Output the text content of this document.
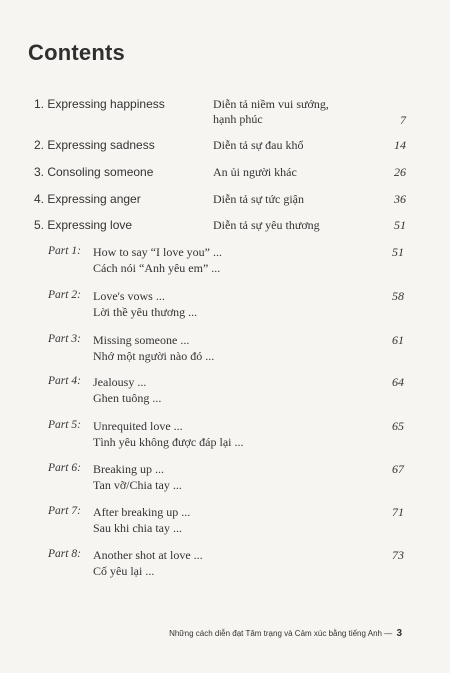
Contents
1. Expressing happiness	Diễn tả niềm vui sướng,
hạnh phúc	7
2. Expressing sadness	Diễn tả sự đau khổ	14
3. Consoling someone	An ủi người khác	26
4. Expressing anger	Diễn tả sự tức giận	36
5. Expressing love	Diễn tả sự yêu thương	51
Part 1: How to say “I love you” ...
Cách nói “Anh yêu em” ...
51
Part 2: Love's vows ...
Lời thề yêu thương ...
58
Part 3: Missing someone ...
Nhớ một người nào đó ...
61
Part 4: Jealousy ...
Ghen tuông ...
64
Part 5: Unrequited love ...
Tình yêu không được đáp lại ...
65
Part 6: Breaking up ...
Tan vỡ/Chia tay ...
67
Part 7: After breaking up ...
Sau khi chia tay ...
71
Part 8: Another shot at love ...
Cố yêu lại ...
73
Những cách diễn đạt Tâm trạng và Cảm xúc bằng tiếng Anh — 3
